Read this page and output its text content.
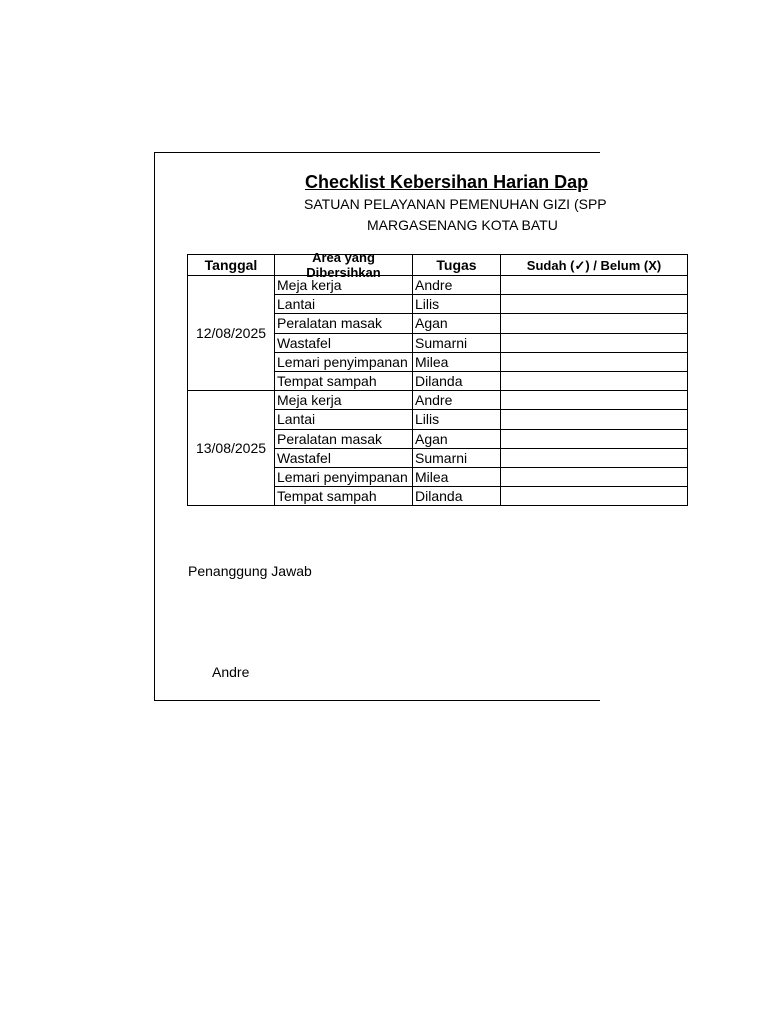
Checklist Kebersihan Harian Dap
SATUAN PELAYANAN PEMENUHAN GIZI (SPP
MARGASENANG KOTA BATU
Tanggal	Area yang Dibersihkan	Tugas	Sudah (✓) / Belum (X)

12/08/2025	Meja kerja	Andre	
	Lantai	Lilis	
	Peralatan masak	Agan	
	Wastafel	Sumarni	
	Lemari penyimpanan	Milea	
	Tempat sampah	Dilanda	
13/08/2025	Meja kerja	Andre	
	Lantai	Lilis	
	Peralatan masak	Agan	
	Wastafel	Sumarni	
	Lemari penyimpanan	Milea	
	Tempat sampah	Dilanda	
Penanggung Jawab
Andre
